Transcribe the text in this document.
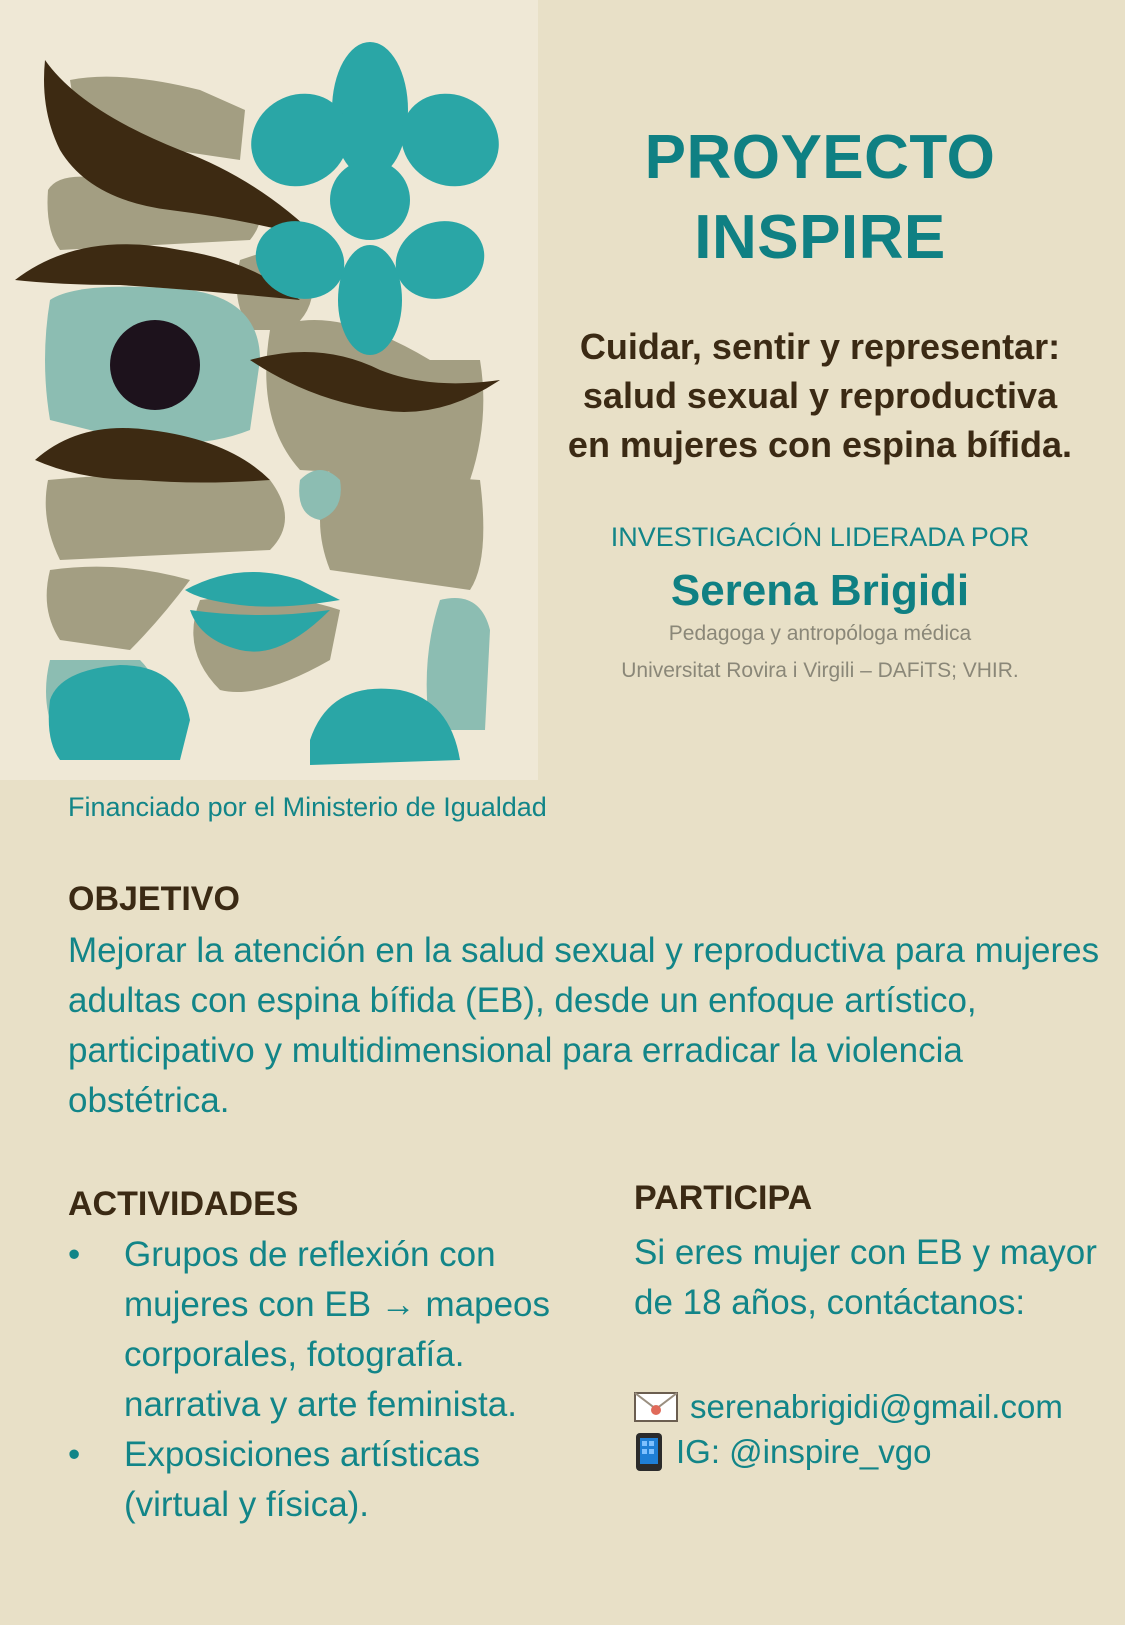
PROYECTO
INSPIRE
Cuidar, sentir y representar:
salud sexual y reproductiva
en mujeres con espina bífida.
INVESTIGACIÓN LIDERADA POR
Serena Brigidi
Pedagoga y antropóloga médica
Universitat Rovira i Virgili – DAFiTS; VHIR.
Financiado por el Ministerio de Igualdad
OBJETIVO
Mejorar la atención en la salud sexual y reproductiva para mujeres adultas con espina bífida (EB), desde un enfoque artístico, participativo y multidimensional para erradicar la violencia obstétrica.
ACTIVIDADES
• Grupos de reflexión con mujeres con EB → mapeos corporales, fotografía. narrativa y arte feminista.
• Exposiciones artísticas (virtual y física).
PARTICIPA
Si eres mujer con EB y mayor de 18 años, contáctanos:
serenabrigidi@gmail.com
IG: @inspire_vgo
